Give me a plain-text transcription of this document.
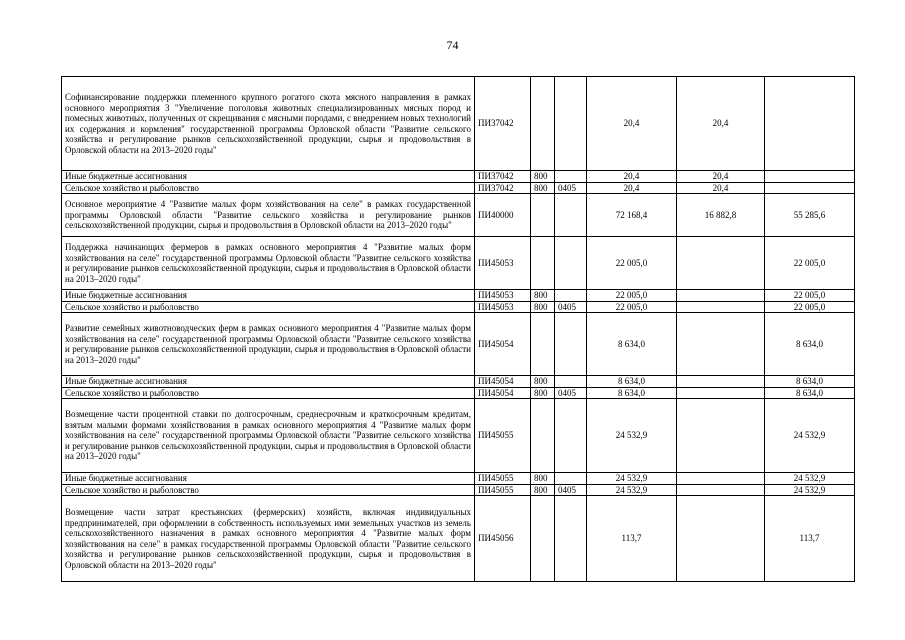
74
Софинансирование поддержки племенного крупного рогатого скота мясного направления в рамках основного мероприятия 3 "Увеличение поголовья животных специализированных мясных пород и помесных животных, полученных от скрещивания с мясными породами, с внедрением новых технологий их содержания и кормления" государственной программы Орловской области "Развитие сельского хозяйства и регулирование рынков сельскохозяйственной продукции, сырья и продовольствия в Орловской области на 2013–2020 годы"	ПИ37042			20,4	20,4	
Иные бюджетные ассигнования	ПИ37042	800		20,4	20,4	
Сельское хозяйство и рыболовство	ПИ37042	800	0405	20,4	20,4	
Основное мероприятие 4 "Развитие малых форм хозяйствования на селе" в рамках государственной программы Орловской области "Развитие сельского хозяйства и регулирование рынков сельскохозяйственной продукции, сырья и продовольствия в Орловской области на 2013–2020 годы"	ПИ40000			72 168,4	16 882,8	55 285,6
Поддержка начинающих фермеров в рамках основного мероприятия 4 "Развитие малых форм хозяйствования на селе" государственной программы Орловской области "Развитие сельского хозяйства и регулирование рынков сельскохозяйственной продукции, сырья и продовольствия в Орловской области на 2013–2020 годы"	ПИ45053			22 005,0		22 005,0
Иные бюджетные ассигнования	ПИ45053	800		22 005,0		22 005,0
Сельское хозяйство и рыболовство	ПИ45053	800	0405	22 005,0		22 005,0
Развитие семейных животноводческих ферм в рамках основного мероприятия 4 "Развитие малых форм хозяйствования на селе" государственной программы Орловской области "Развитие сельского хозяйства и регулирование рынков сельскохозяйственной продукции, сырья и продовольствия в Орловской области на 2013–2020 годы"	ПИ45054			8 634,0		8 634,0
Иные бюджетные ассигнования	ПИ45054	800		8 634,0		8 634,0
Сельское хозяйство и рыболовство	ПИ45054	800	0405	8 634,0		8 634,0
Возмещение части процентной ставки по долгосрочным, среднесрочным и краткосрочным кредитам, взятым малыми формами хозяйствования в рамках основного мероприятия 4 "Развитие малых форм хозяйствования на селе" государственной программы Орловской области "Развитие сельского хозяйства и регулирование рынков сельскохозяйственной продукции, сырья и продовольствия в Орловской области на 2013–2020 годы"	ПИ45055			24 532,9		24 532,9
Иные бюджетные ассигнования	ПИ45055	800		24 532,9		24 532,9
Сельское хозяйство и рыболовство	ПИ45055	800	0405	24 532,9		24 532,9
Возмещение части затрат крестьянских (фермерских) хозяйств, включая индивидуальных предпринимателей, при оформлении в собственность используемых ими земельных участков из земель сельскохозяйственного назначения в рамках основного мероприятия 4 "Развитие малых форм хозяйствования на селе" в рамках государственной программы Орловской области "Развитие сельского хозяйства и регулирование рынков сельскохозяйственной продукции, сырья и продовольствия в Орловской области на 2013–2020 годы"	ПИ45056			113,7		113,7
